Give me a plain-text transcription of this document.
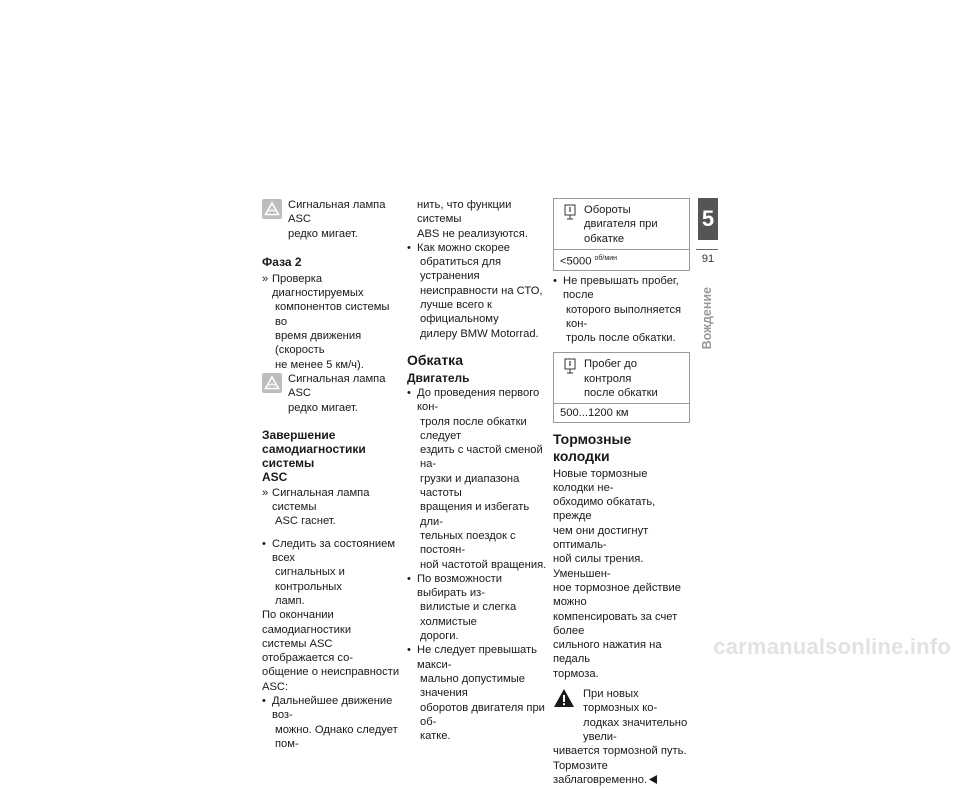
Сигнальная лампа ASC

редко мигает.

Фаза 2

» Проверка диагностируемых

компонентов системы во

время движения (скорость

не менее 5 км/ч).

Сигнальная лампа ASC

редко мигает.

Завершение

самодиагностики системы

ASC

» Сигнальная лампа системы

ASC гаснет.

• Следить за состоянием всех

сигнальных и контрольных

ламп.

По окончании самодиагностики

системы ASC отображается со-

общение о неисправности ASC:

• Дальнейшее движение воз-

можно. Однако следует пом-

нить, что функции системы

ABS не реализуются.

• Как можно скорее

обратиться для устранения

неисправности на СТО,

лучше всего к официальному

дилеру BMW Motorrad.

Обкатка

Двигатель

• До проведения первого кон-

троля после обкатки следует

ездить с частой сменой на-

грузки и диапазона частоты

вращения и избегать дли-

тельных поездок с постоян-

ной частотой вращения.

• По возможности выбирать из-

вилистые и слегка холмистые

дороги.

• Не следует превышать макси-

мально допустимые значения

оборотов двигателя при об-

катке.

Обороты двигателя при

обкатке

<5000 $^{об/мин}$
• Не превышать пробег, после

которого выполняется кон-

троль после обкатки.

Пробег до контроля

после обкатки

500...1200 км

Тормозные колодки

Новые тормозные колодки не-

обходимо обкатать, прежде

чем они достигнут оптималь-

ной силы трения. Уменьшен-

ное тормозное действие можно

компенсировать за счет более

сильного нажатия на педаль

тормоза.

При новых тормозных ко-

лодках значительно увели-

чивается тормозной путь.

Тормозите заблаговременно.

5
91
Вождение
carmanualsonline.info
